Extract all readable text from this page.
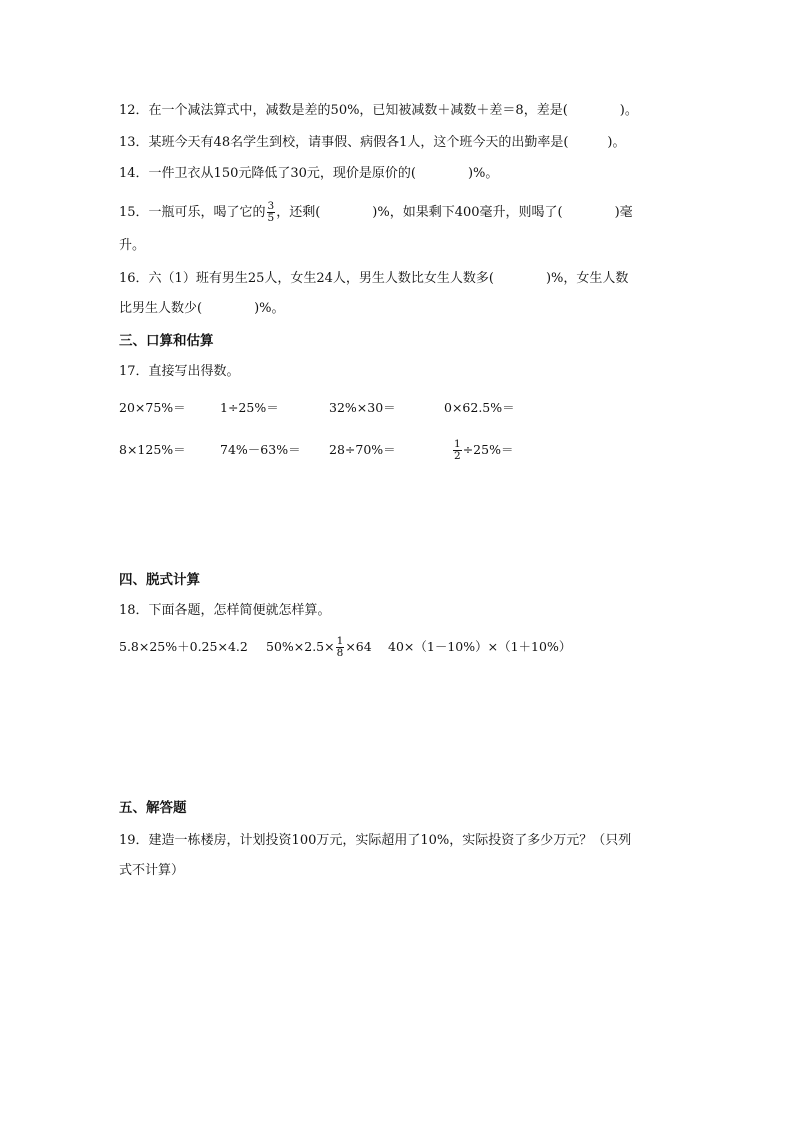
12．在一个减法算式中，减数是差的50%，已知被减数＋减数＋差＝8，差是(　　　　)。
13．某班今天有48名学生到校，请事假、病假各1人，这个班今天的出勤率是(　　　)。
14．一件卫衣从150元降低了30元，现价是原价的(　　　　)%。
15．一瓶可乐，喝了它的 $\frac{3}{5}$ ，还剩(　　　　)%，如果剩下400毫升，则喝了(　　　　)毫
升。
16．六（1）班有男生25人，女生24人，男生人数比女生人数多(　　　　)%，女生人数
比男生人数少(　　　　)%。
三、口算和估算
17．直接写出得数。
20×75%＝	1÷25%＝	32%×30＝	0×62.5%＝
8×125%＝	74%－63%＝ 28÷70%＝	$\frac{1}{2} \div 25\%=$
四、脱式计算
18．下面各题，怎样简便就怎样算。
5.8×25%＋0.25×4.2 $50\%\times 2.5\times \frac{1}{8} \times 64$ 40×（1－10%）×（1＋10%）
五、解答题
19．建造一栋楼房，计划投资100万元，实际超用了10%，实际投资了多少万元？（只列
式不计算）
